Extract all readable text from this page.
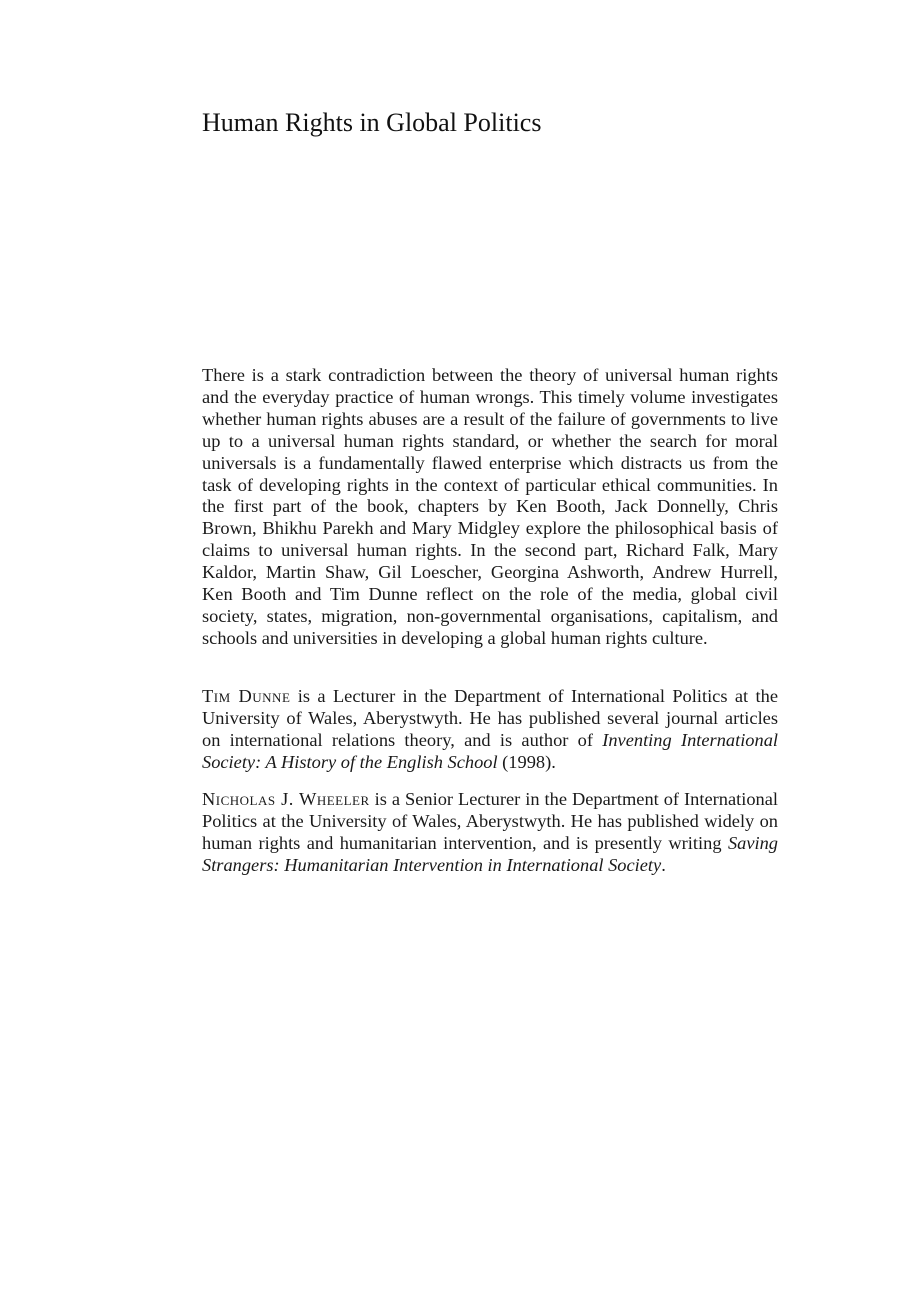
Human Rights in Global Politics

There is a stark contradiction between the theory of universal human rights and the everyday practice of human wrongs. This timely volume investigates whether human rights abuses are a result of the failure of governments to live up to a universal human rights standard, or whether the search for moral universals is a fundamentally flawed enterprise which distracts us from the task of developing rights in the context of particular ethical communities. In the first part of the book, chapters by Ken Booth, Jack Donnelly, Chris Brown, Bhikhu Parekh and Mary Midgley explore the philosophical basis of claims to universal human rights. In the second part, Richard Falk, Mary Kaldor, Martin Shaw, Gil Loescher, Georgina Ashworth, Andrew Hurrell, Ken Booth and Tim Dunne reflect on the role of the media, global civil society, states, migration, non-governmental organisations, capitalism, and schools and universities in developing a global human rights culture.

Tim Dunne is a Lecturer in the Department of International Politics at the University of Wales, Aberystwyth. He has published several journal articles on international relations theory, and is author of Inventing International Society: A History of the English School (1998).

Nicholas J. Wheeler is a Senior Lecturer in the Department of International Politics at the University of Wales, Aberystwyth. He has published widely on human rights and humanitarian intervention, and is presently writing Saving Strangers: Humanitarian Intervention in International Society.
